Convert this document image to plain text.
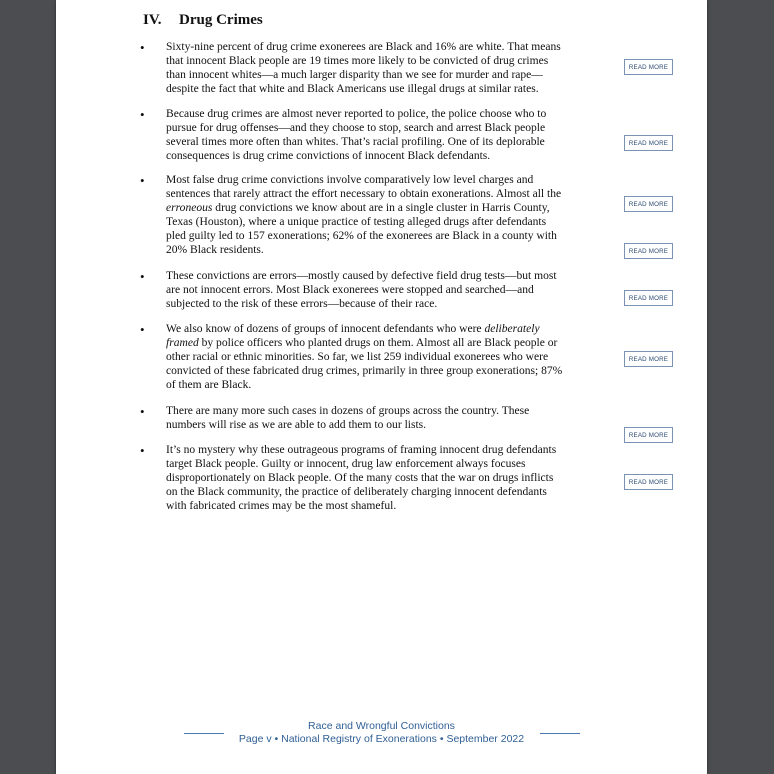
IV. Drug Crimes
• Sixty-nine percent of drug crime exonerees are Black and 16% are white. That means
that innocent Black people are 19 times more likely to be convicted of drug crimes
than innocent whites—a much larger disparity than we see for murder and rape—
despite the fact that white and Black Americans use illegal drugs at similar rates.
READ MORE
• Because drug crimes are almost never reported to police, the police choose who to
pursue for drug offenses—and they choose to stop, search and arrest Black people
several times more often than whites. That’s racial profiling. One of its deplorable
consequences is drug crime convictions of innocent Black defendants.
READ MORE
• Most false drug crime convictions involve comparatively low level charges and
sentences that rarely attract the effort necessary to obtain exonerations. Almost all the
erroneous drug convictions we know about are in a single cluster in Harris County,
Texas (Houston), where a unique practice of testing alleged drugs after defendants
pled guilty led to 157 exonerations; 62% of the exonerees are Black in a county with
20% Black residents.
READ MORE
READ MORE
• These convictions are errors—mostly caused by defective field drug tests—but most
are not innocent errors. Most Black exonerees were stopped and searched—and
subjected to the risk of these errors—because of their race.	READ MORE
• We also know of dozens of groups of innocent defendants who were deliberately
framed by police officers who planted drugs on them. Almost all are Black people or
other racial or ethnic minorities. So far, we list 259 individual exonerees who were
convicted of these fabricated drug crimes, primarily in three group exonerations; 87%
of them are Black.
READ MORE
• There are many more such cases in dozens of groups across the country. These
numbers will rise as we are able to add them to our lists.
READ MORE
• It’s no mystery why these outrageous programs of framing innocent drug defendants
target Black people. Guilty or innocent, drug law enforcement always focuses
disproportionately on Black people. Of the many costs that the war on drugs inflicts
on the Black community, the practice of deliberately charging innocent defendants
with fabricated crimes may be the most shameful.
READ MORE
Race and Wrongful Convictions
Page v • National Registry of Exonerations • September 2022
